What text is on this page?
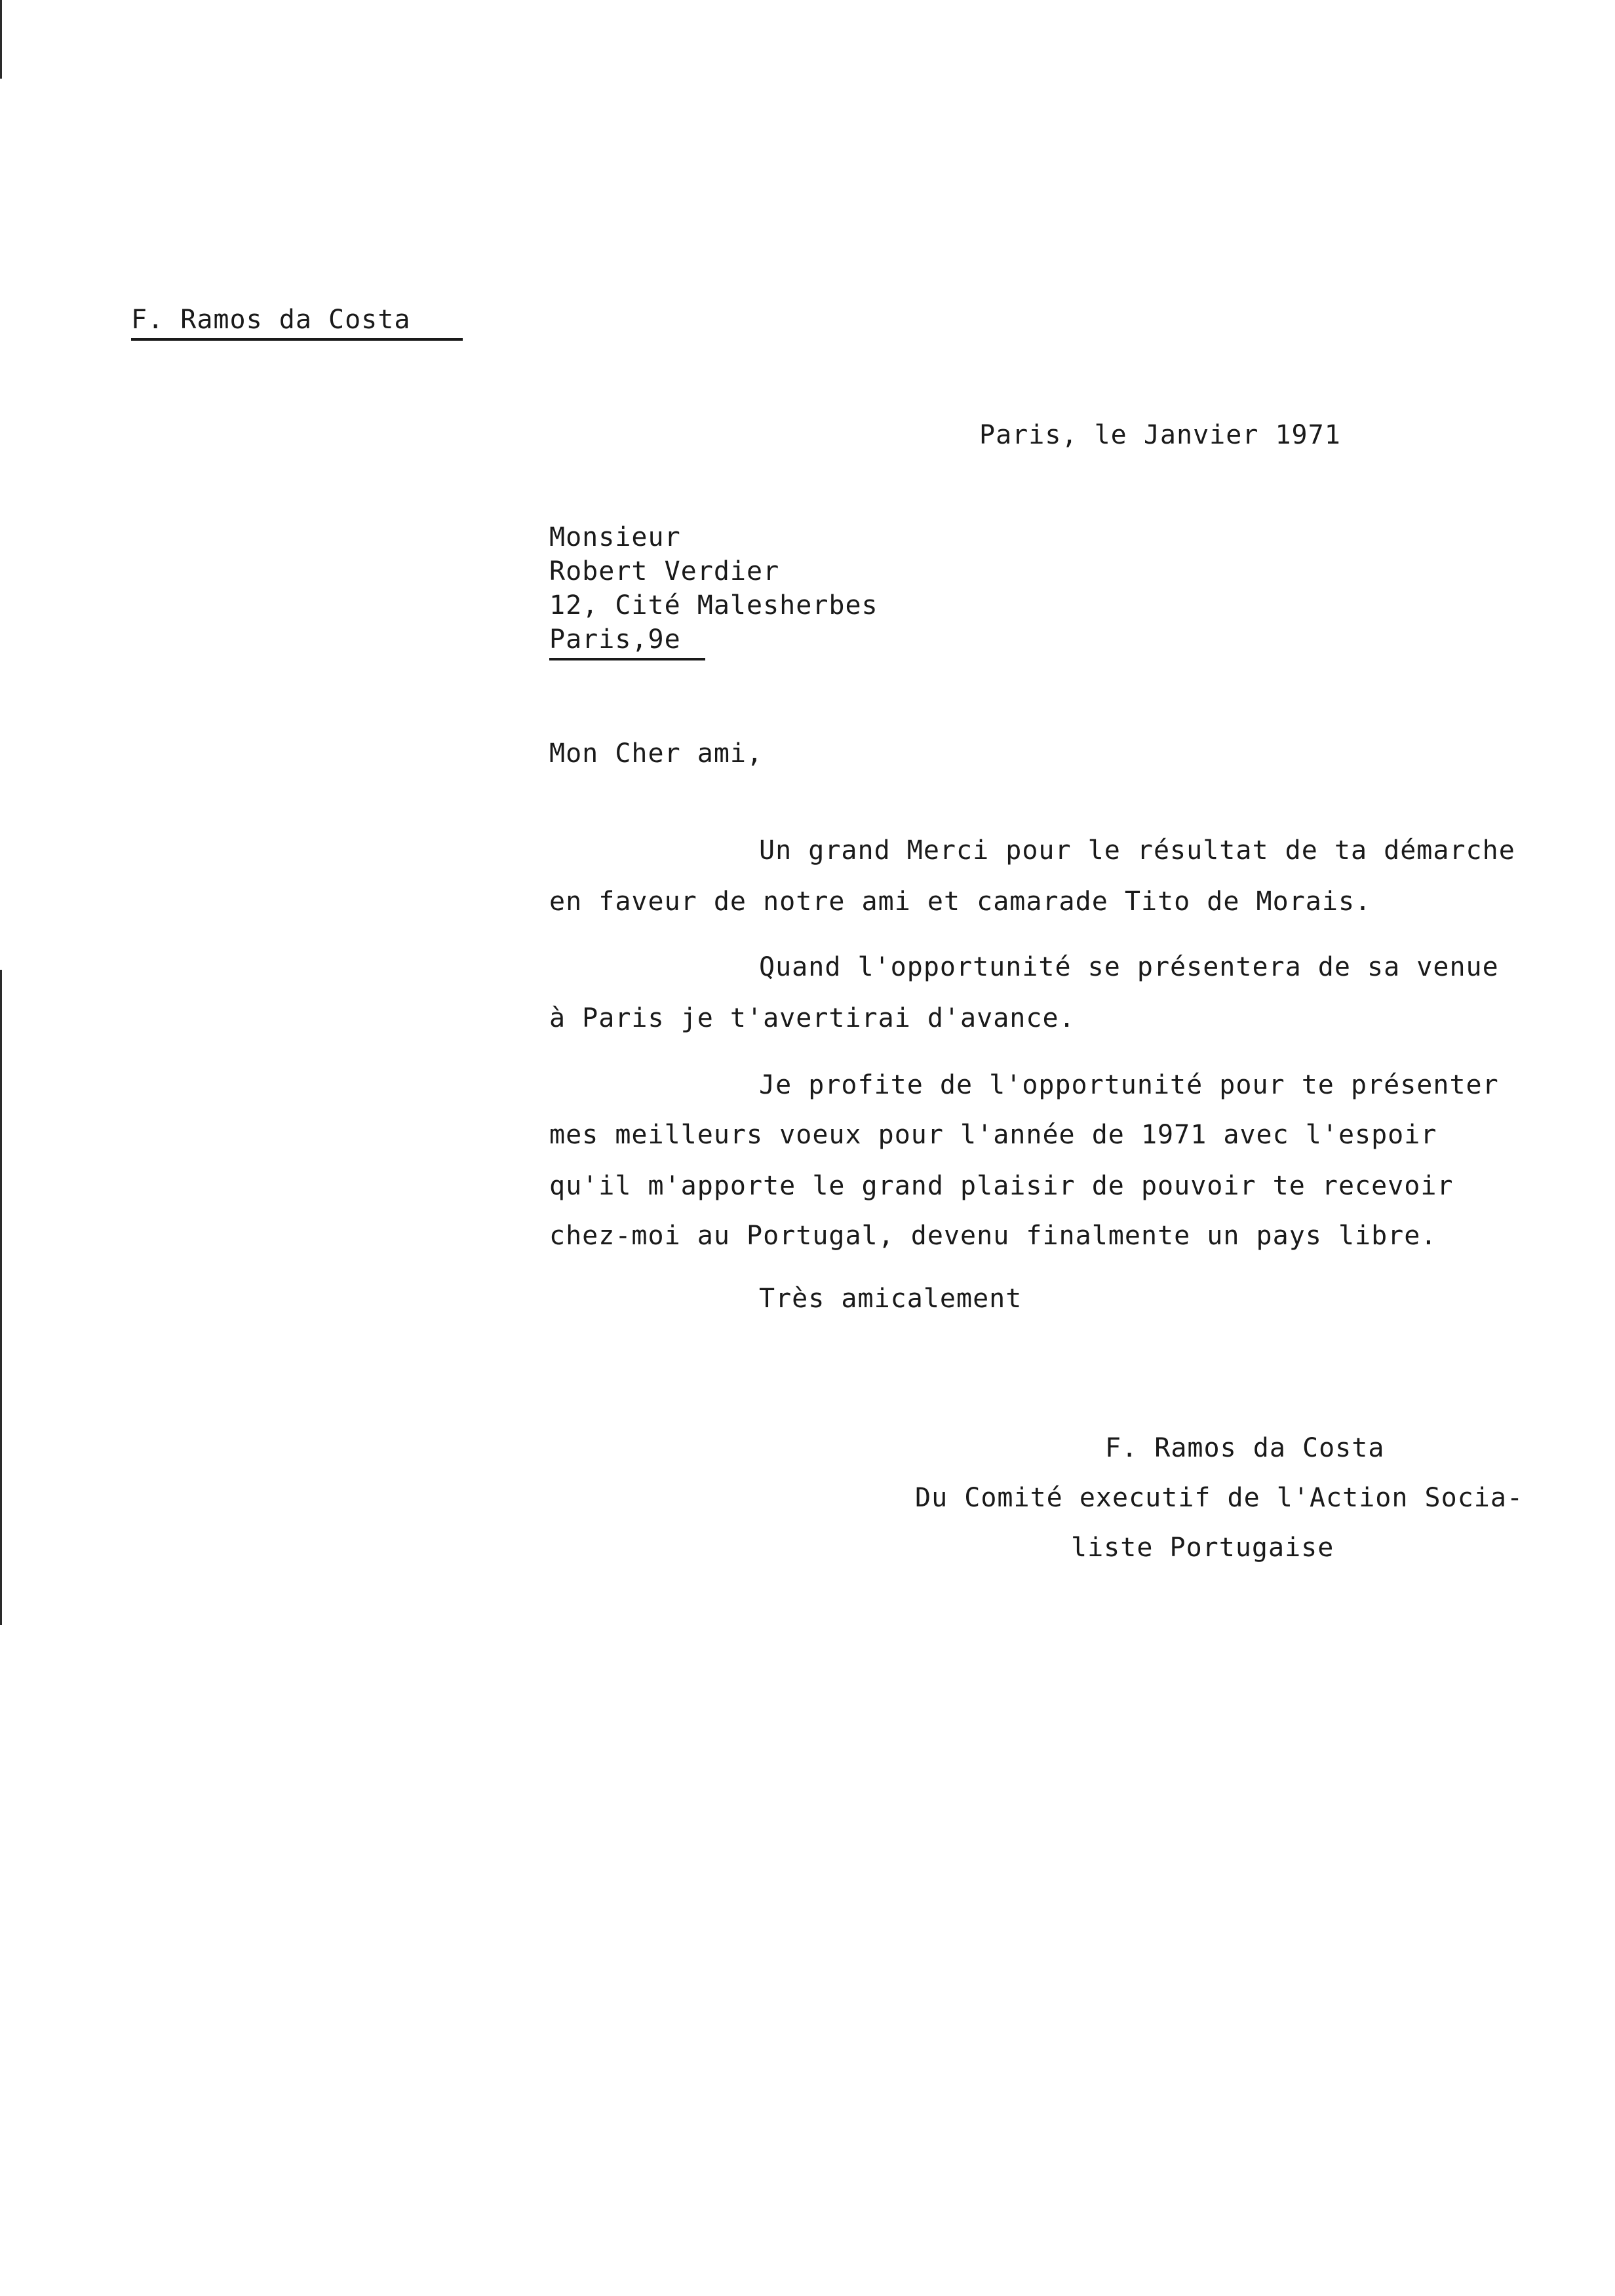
F. Ramos da Costa
Paris, le Janvier 1971
Monsieur
Robert Verdier
12, Cité Malesherbes
Paris,9e
Mon Cher ami,
Un grand Merci pour le résultat de ta démarche
en faveur de notre ami et camarade Tito de Morais.
Quand l'opportunité se présentera de sa venue
à Paris je t'avertirai d'avance.
Je profite de l'opportunité pour te présenter
mes meilleurs voeux pour l'année de 1971 avec l'espoir
qu'il m'apporte le grand plaisir de pouvoir te recevoir
chez-moi au Portugal, devenu finalmente un pays libre.
Très amicalement
F. Ramos da Costa
Du Comité executif de l'Action Socia-
liste Portugaise
